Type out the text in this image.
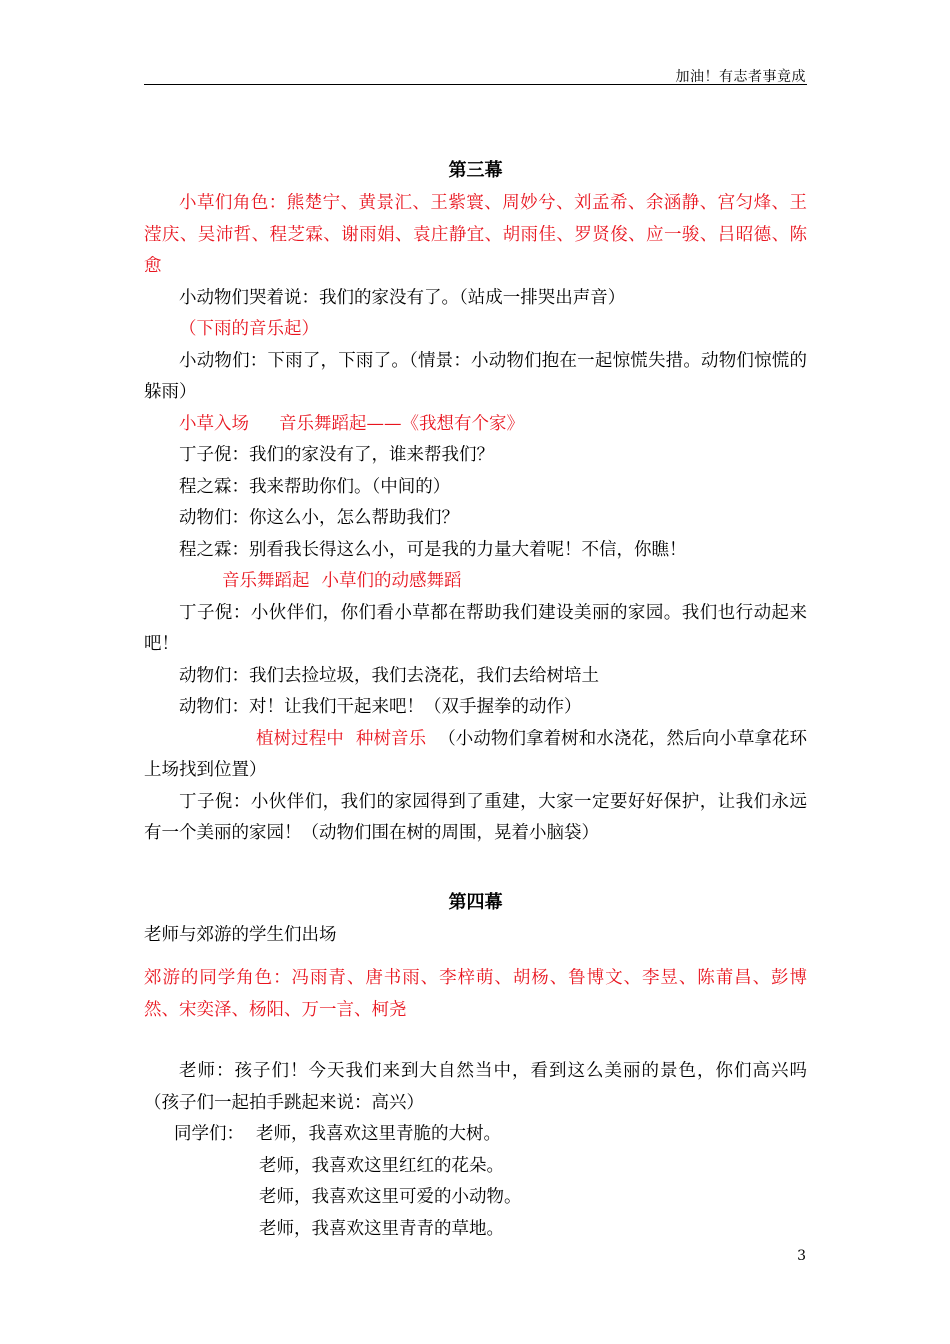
加油！有志者事竟成

第三幕

小草们角色：熊楚宁、黄景汇、王紫寰、周妙兮、刘孟希、余涵静、宫匀烽、王滢庆、吴沛哲、程芝霖、谢雨娟、袁庄静宜、胡雨佳、罗贤俊、应一骏、吕昭德、陈愈

小动物们哭着说：我们的家没有了。（站成一排哭出声音）

（下雨的音乐起）

小动物们：下雨了，下雨了。（情景：小动物们抱在一起惊慌失措。动物们惊慌的躲雨）

小草入场 音乐舞蹈起——《我想有个家》

丁子倪：我们的家没有了，谁来帮我们？

程之霖：我来帮助你们。（中间的）

动物们：你这么小，怎么帮助我们？

程之霖：别看我长得这么小，可是我的力量大着呢！不信，你瞧！

音乐舞蹈起 小草们的动感舞蹈

丁子倪：小伙伴们，你们看小草都在帮助我们建设美丽的家园。我们也行动起来吧！

动物们：我们去捡垃圾，我们去浇花，我们去给树培土

动物们：对！让我们干起来吧！（双手握拳的动作）

植树过程中 种树音乐 （小动物们拿着树和水浇花，然后向小草拿花环上场找到位置）

丁子倪：小伙伴们，我们的家园得到了重建，大家一定要好好保护，让我们永远有一个美丽的家园！（动物们围在树的周围，晃着小脑袋）

第四幕

老师与郊游的学生们出场

郊游的同学角色：冯雨青、唐书雨、李梓萌、胡杨、鲁博文、李昱、陈莆昌、彭博然、宋奕泽、杨阳、万一言、柯尧

老师：孩子们！今天我们来到大自然当中，看到这么美丽的景色，你们高兴吗（孩子们一起拍手跳起来说：高兴）

同学们： 老师，我喜欢这里青脆的大树。

老师，我喜欢这里红红的花朵。

老师，我喜欢这里可爱的小动物。

老师，我喜欢这里青青的草地。

3
